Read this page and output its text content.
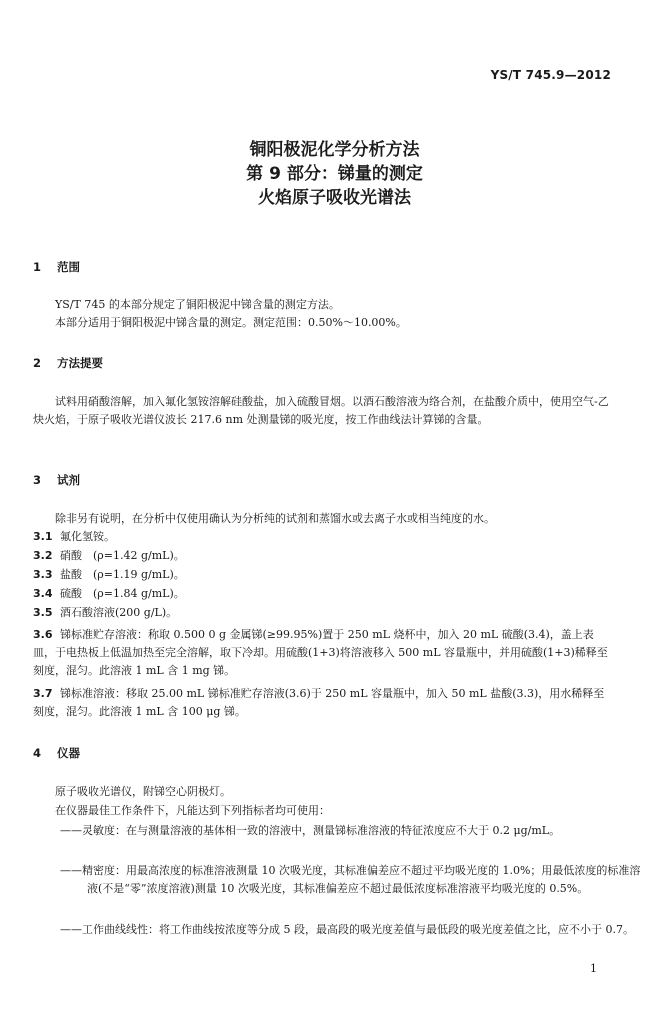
YS/T 745.9—2012

铜阳极泥化学分析方法

第 9 部分：锑量的测定

火焰原子吸收光谱法

1 范围

YS/T 745 的本部分规定了铜阳极泥中锑含量的测定方法。

本部分适用于铜阳极泥中锑含量的测定。测定范围：0.50%～10.00%。

2 方法提要

试料用硝酸溶解，加入氟化氢铵溶解硅酸盐，加入硫酸冒烟。以酒石酸溶液为络合剂，在盐酸介质中，使用空气-乙炔火焰，于原子吸收光谱仪波长 217.6 nm 处测量锑的吸光度，按工作曲线法计算锑的含量。

3 试剂

除非另有说明，在分析中仅使用确认为分析纯的试剂和蒸馏水或去离子水或相当纯度的水。

3.1 氟化氢铵。
3.2 硝酸　(ρ=1.42 g/mL)。
3.3 盐酸　(ρ=1.19 g/mL)。
3.4 硫酸　(ρ=1.84 g/mL)。
3.5 酒石酸溶液(200 g/L)。
3.6 锑标准贮存溶液：称取 0.500 0 g 金属锑(≥99.95%)置于 250 mL 烧杯中，加入 20 mL 硫酸(3.4)，盖上表皿，于电热板上低温加热至完全溶解，取下冷却。用硫酸(1+3)将溶液移入 500 mL 容量瓶中，并用硫酸(1+3)稀释至刻度，混匀。此溶液 1 mL 含 1 mg 锑。
3.7 锑标准溶液：移取 25.00 mL 锑标准贮存溶液(3.6)于 250 mL 容量瓶中，加入 50 mL 盐酸(3.3)，用水稀释至刻度，混匀。此溶液 1 mL 含 100 μg 锑。
4 仪器

原子吸收光谱仪，附锑空心阴极灯。

在仪器最佳工作条件下，凡能达到下列指标者均可使用：

——灵敏度：在与测量溶液的基体相一致的溶液中，测量锑标准溶液的特征浓度应不大于 0.2 μg/mL。
——精密度：用最高浓度的标准溶液测量 10 次吸光度，其标准偏差应不超过平均吸光度的 1.0%；用最低浓度的标准溶液(不是“零”浓度溶液)测量 10 次吸光度，其标准偏差应不超过最低浓度标准溶液平均吸光度的 0.5%。
——工作曲线线性：将工作曲线按浓度等分成 5 段，最高段的吸光度差值与最低段的吸光度差值之比，应不小于 0.7。
1
